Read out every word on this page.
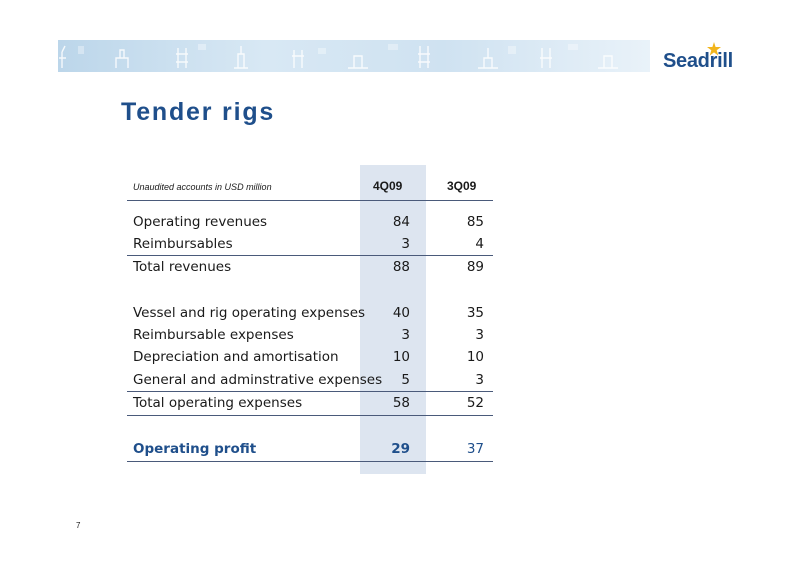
Seadrill
Tender rigs
Unaudited accounts in USD million	4Q09	3Q09
Operating revenues	84	85
Reimbursables	3	4
Total revenues	88	89
Vessel and rig operating expenses	40	35
Reimbursable expenses	3	3
Depreciation and amortisation	10	10
General and adminstrative expenses	5	3
Total operating expenses	58	52
Operating profit	29	37
7
